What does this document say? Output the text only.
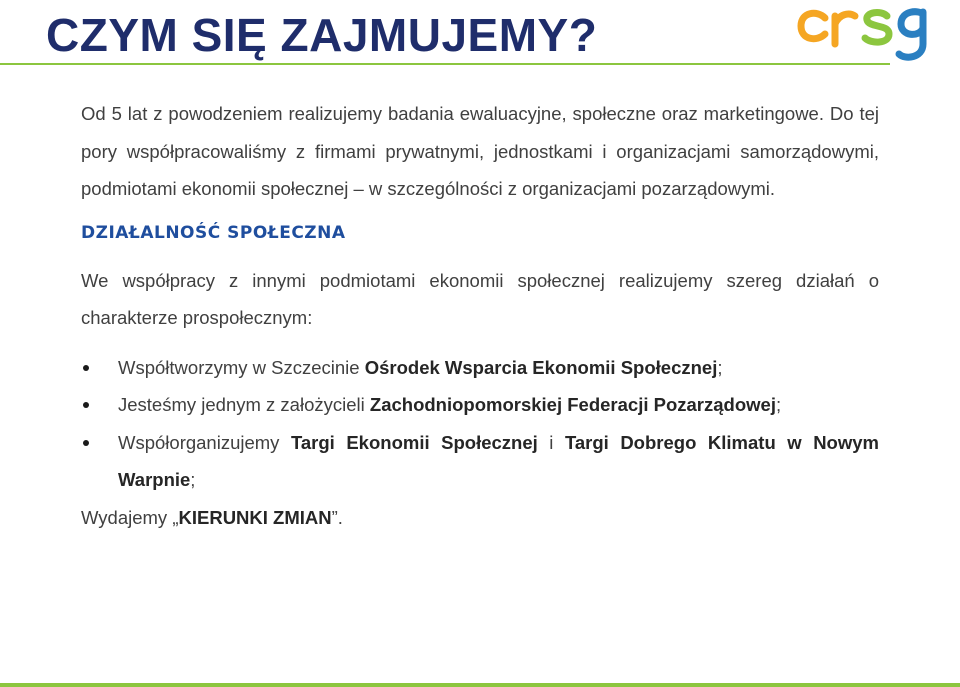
CZYM SIĘ ZAJMUJEMY?

Od 5 lat z powodzeniem realizujemy badania ewaluacyjne, społeczne oraz marketingowe. Do tej pory współpracowaliśmy z firmami prywatnymi, jednostkami i organizacjami samorządowymi, podmiotami ekonomii społecznej – w szczególności z organizacjami pozarządowymi.

DZIAŁALNOŚĆ SPOŁECZNA

We współpracy z innymi podmiotami ekonomii społecznej realizujemy szereg działań o charakterze prospołecznym:

Współtworzymy w Szczecinie Ośrodek Wsparcia Ekonomii Społecznej;
Jesteśmy jednym z założycieli Zachodniopomorskiej Federacji Pozarządowej;
Współorganizujemy Targi Ekonomii Społecznej i Targi Dobrego Klimatu w Nowym Warpnie;

Wydajemy „KIERUNKI ZMIAN”.
